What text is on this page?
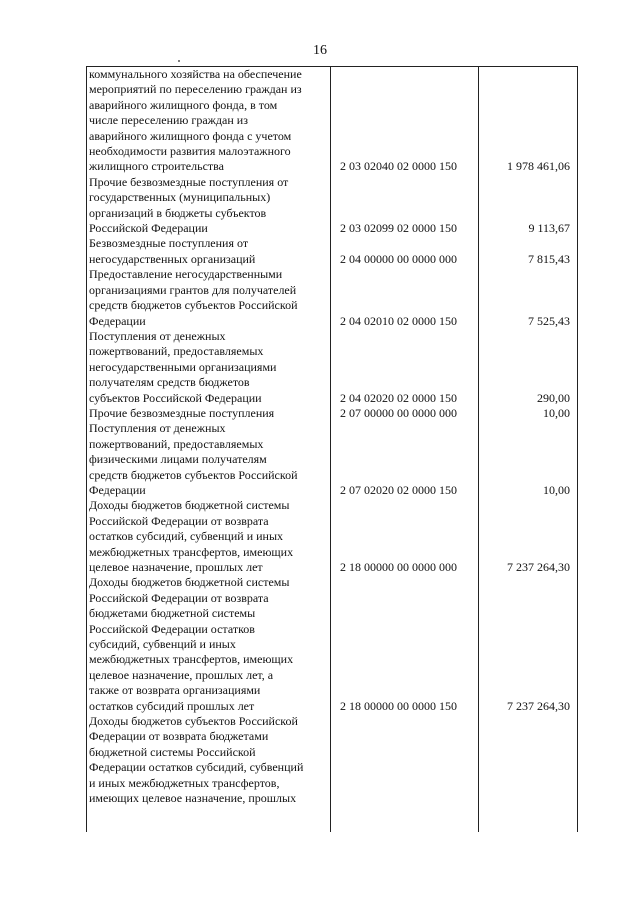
16
коммунального хозяйства на обеспечение
мероприятий по переселению граждан из
аварийного жилищного фонда, в том
числе переселению граждан из
аварийного жилищного фонда с учетом
необходимости развития малоэтажного
жилищного строительства	2 03 02040 02 0000 150	1 978 461,06
Прочие безвозмездные поступления от
государственных (муниципальных)
организаций в бюджеты субъектов
Российской Федерации	2 03 02099 02 0000 150	9 113,67
Безвозмездные поступления от
негосударственных организаций	2 04 00000 00 0000 000	7 815,43
Предоставление негосударственными
организациями грантов для получателей
средств бюджетов субъектов Российской
Федерации	2 04 02010 02 0000 150	7 525,43
Поступления от денежных
пожертвований, предоставляемых
негосударственными организациями
получателям средств бюджетов
субъектов Российской Федерации	2 04 02020 02 0000 150	290,00
Прочие безвозмездные поступления	2 07 00000 00 0000 000	10,00
Поступления от денежных
пожертвований, предоставляемых
физическими лицами получателям
средств бюджетов субъектов Российской
Федерации	2 07 02020 02 0000 150	10,00
Доходы бюджетов бюджетной системы
Российской Федерации от возврата
остатков субсидий, субвенций и иных
межбюджетных трансфертов, имеющих
целевое назначение, прошлых лет	2 18 00000 00 0000 000	7 237 264,30
Доходы бюджетов бюджетной системы
Российской Федерации от возврата
бюджетами бюджетной системы
Российской Федерации остатков
субсидий, субвенций и иных
межбюджетных трансфертов, имеющих
целевое назначение, прошлых лет, а
также от возврата организациями
остатков субсидий прошлых лет	2 18 00000 00 0000 150	7 237 264,30
Доходы бюджетов субъектов Российской
Федерации от возврата бюджетами
бюджетной системы Российской
Федерации остатков субсидий, субвенций
и иных межбюджетных трансфертов,
имеющих целевое назначение, прошлых
